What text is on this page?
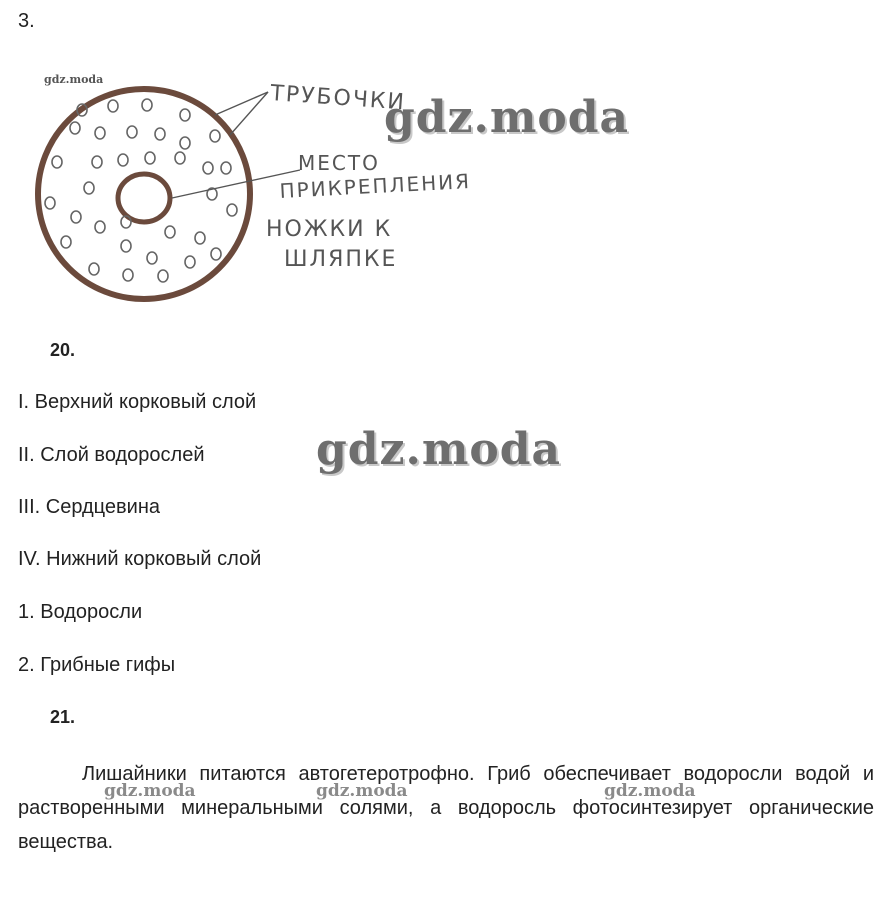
3.
gdz.moda
ТРУБОЧКИ
МЕСТО
ПРИКРЕПЛЕНИЯ
НОЖКИ К
ШЛЯПКЕ
gdz.moda
20.
I. Верхний корковый слой
II. Слой водорослей
III. Сердцевина
IV. Нижний корковый слой
1. Водоросли
2. Грибные гифы
gdz.moda
21.
Лишайники питаются автогетеротрофно. Гриб обеспечивает водоросли водой и растворенными минеральными солями, а водоросль фотосинтезирует органические вещества.
gdz.moda	gdz.moda	gdz.moda
